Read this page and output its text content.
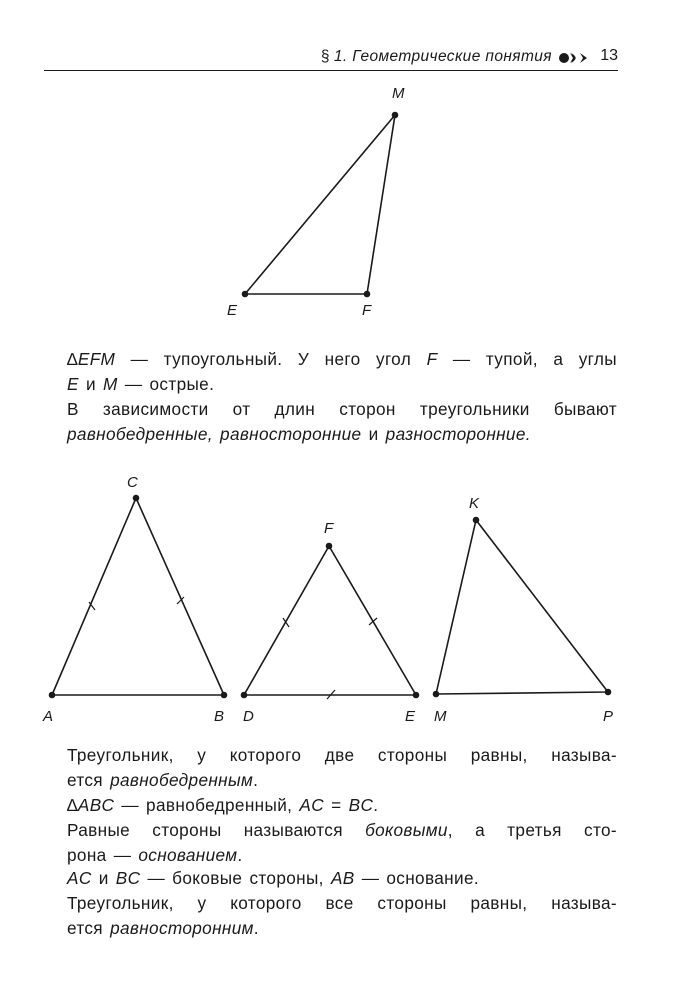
§ 1. Геометрические понятия	13
M
E	F

∆EFM — тупоугольный. У него угол F — тупой, а углы
E и M — острые.

В зависимости от длин сторон треугольники бывают
равнобедренные, равносторонние и разносторонние.

A	B
C
D	E
F
M	P
K

Треугольник, у которого две стороны равны, называ-
ется равнобедренным.

∆ABC — равнобедренный, AC = BC.

Равные стороны называются боковыми, а третья сто-
рона — основанием.

AC и BC — боковые стороны, AB — основание.

Треугольник, у которого все стороны равны, называ-
ется равносторонним.
